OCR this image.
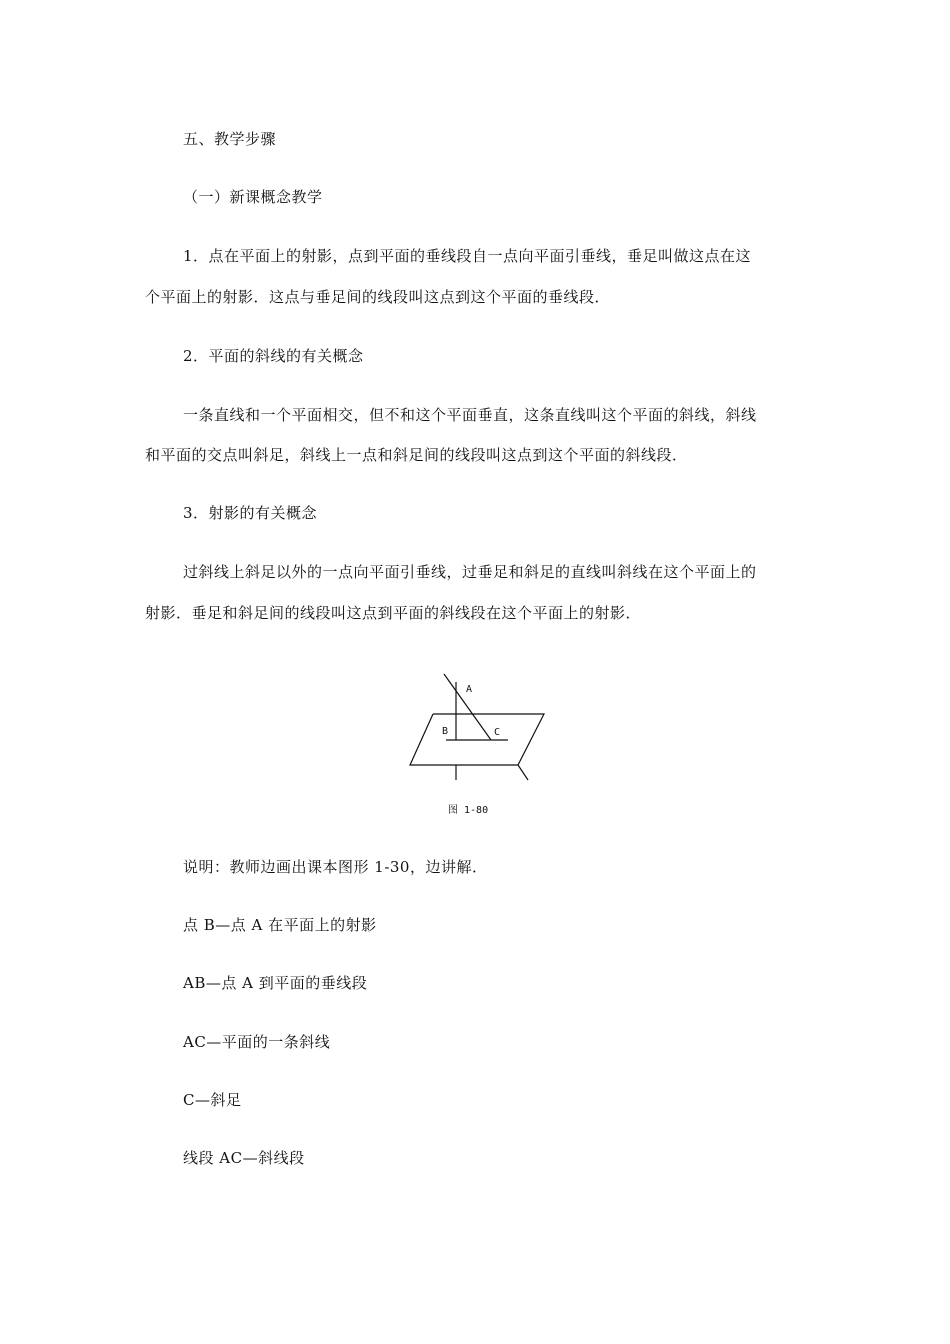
五、教学步骤
（一）新课概念教学
1．点在平面上的射影，点到平面的垂线段自一点向平面引垂线，垂足叫做这点在这
个平面上的射影．这点与垂足间的线段叫这点到这个平面的垂线段．
2．平面的斜线的有关概念
一条直线和一个平面相交，但不和这个平面垂直，这条直线叫这个平面的斜线，斜线
和平面的交点叫斜足，斜线上一点和斜足间的线段叫这点到这个平面的斜线段．
3．射影的有关概念
过斜线上斜足以外的一点向平面引垂线，过垂足和斜足的直线叫斜线在这个平面上的
射影．垂足和斜足间的线段叫这点到平面的斜线段在这个平面上的射影．
A
B	C
图 1-80
说明：教师边画出课本图形 1-30，边讲解．
点 B—点 A 在平面上的射影
AB—点 A 到平面的垂线段
AC—平面的一条斜线
C—斜足
线段 AC—斜线段
